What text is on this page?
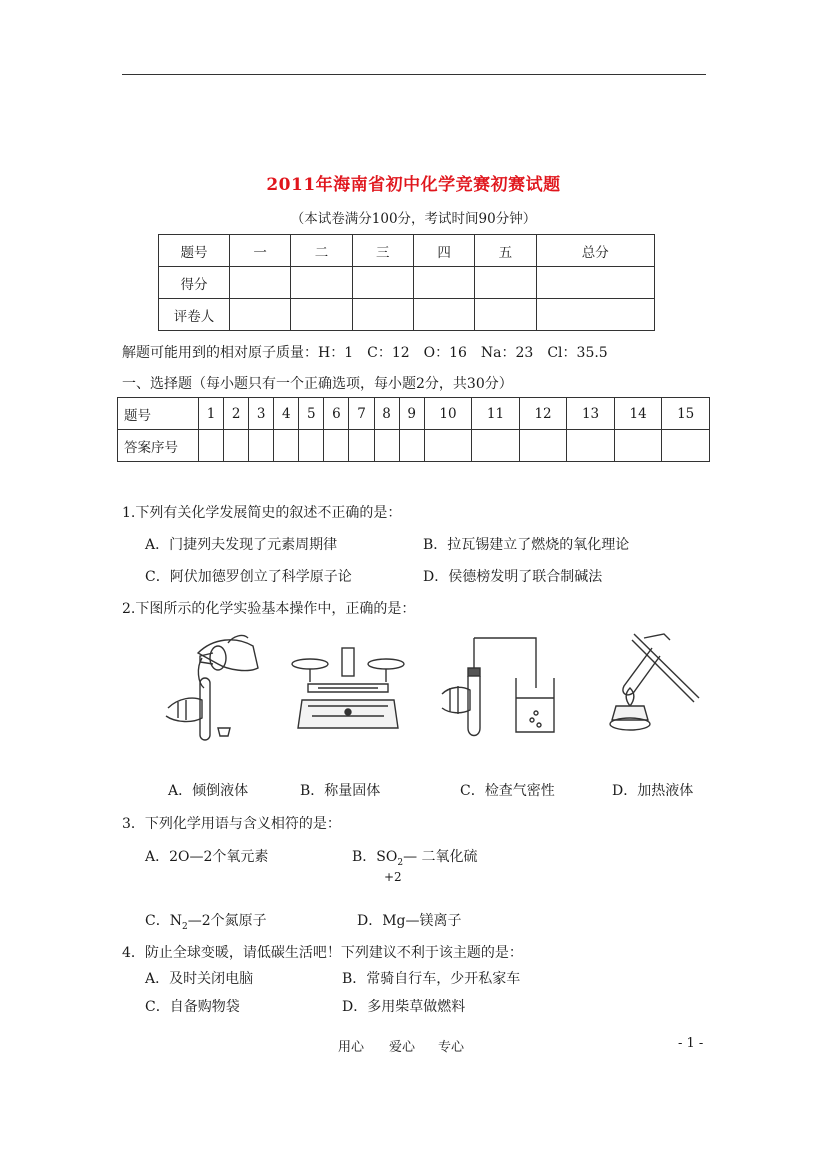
2011年海南省初中化学竞赛初赛试题
（本试卷满分100分，考试时间90分钟）
题号	一	二	三	四	五	总分
得分						
评卷人						
解题可能用到的相对原子质量：H：1　C：12　O：16　Na：23　Cl：35.5
一、选择题（每小题只有一个正确选项，每小题2分，共30分）
题号	1	2	3	4	5	6	7	8	9	10	11	12	13	14	15
答案序号															
1.下列有关化学发展简史的叙述不正确的是：
A．门捷列夫发现了元素周期律	B．拉瓦锡建立了燃烧的氧化理论
C．阿伏加德罗创立了科学原子论	D．侯德榜发明了联合制碱法
2.下图所示的化学实验基本操作中，正确的是：
A．倾倒液体	B．称量固体	C．检查气密性	D．加热液体
3．下列化学用语与含义相符的是：
A．2O—2个氧元素	B．$SO_2—$ 二氧化硫
+2
C．$N_2—2$个氮原子	D．Mg—镁离子
4．防止全球变暖，请低碳生活吧！下列建议不利于该主题的是：
A．及时关闭电脑	B．常骑自行车，少开私家车
C．自备购物袋	D．多用柴草做燃料
用心 爱心 专心	- 1 -
